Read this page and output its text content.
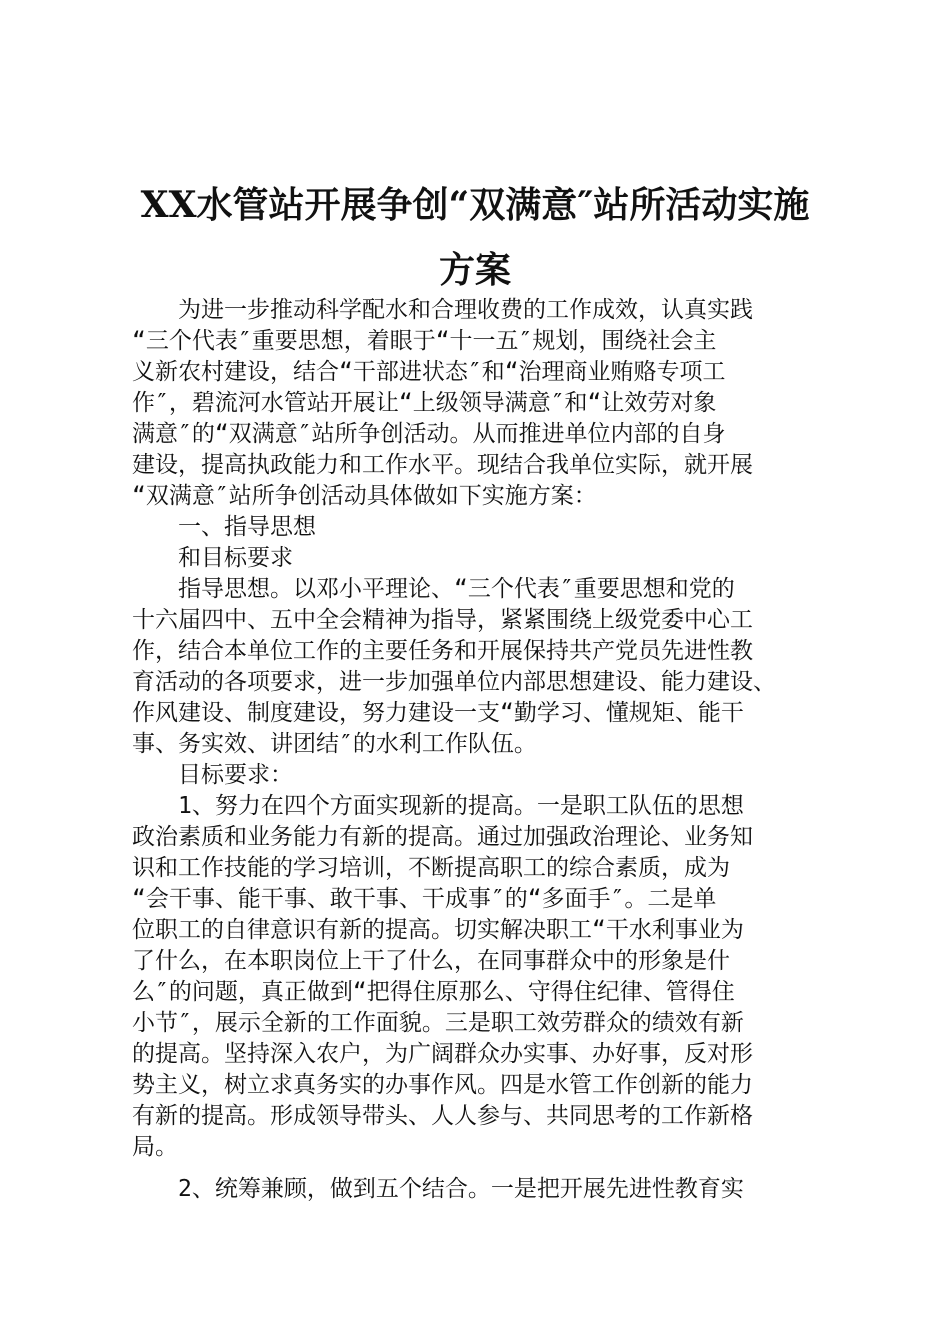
XX水管站开展争创“双满意″站所活动实施
方案
为进一步推动科学配水和合理收费的工作成效，认真实践
“三个代表″重要思想，着眼于“十一五″规划，围绕社会主
义新农村建设，结合“干部进状态″和“治理商业贿赂专项工
作″，碧流河水管站开展让“上级领导满意″和“让效劳对象
满意″的“双满意″站所争创活动。从而推进单位内部的自身
建设，提高执政能力和工作水平。现结合我单位实际，就开展
“双满意″站所争创活动具体做如下实施方案：
一、指导思想
和目标要求
指导思想。以邓小平理论、“三个代表″重要思想和党的
十六届四中、五中全会精神为指导，紧紧围绕上级党委中心工
作，结合本单位工作的主要任务和开展保持共产党员先进性教
育活动的各项要求，进一步加强单位内部思想建设、能力建设、
作风建设、制度建设，努力建设一支“勤学习、懂规矩、能干
事、务实效、讲团结″的水利工作队伍。
目标要求：
1、努力在四个方面实现新的提高。一是职工队伍的思想
政治素质和业务能力有新的提高。通过加强政治理论、业务知
识和工作技能的学习培训，不断提高职工的综合素质，成为
“会干事、能干事、敢干事、干成事″的“多面手″。二是单
位职工的自律意识有新的提高。切实解决职工“干水利事业为
了什么，在本职岗位上干了什么，在同事群众中的形象是什
么″的问题，真正做到“把得住原那么、守得住纪律、管得住
小节″，展示全新的工作面貌。三是职工效劳群众的绩效有新
的提高。坚持深入农户，为广阔群众办实事、办好事，反对形
势主义，树立求真务实的办事作风。四是水管工作创新的能力
有新的提高。形成领导带头、人人参与、共同思考的工作新格
局。
2、统筹兼顾，做到五个结合。一是把开展先进性教育实
